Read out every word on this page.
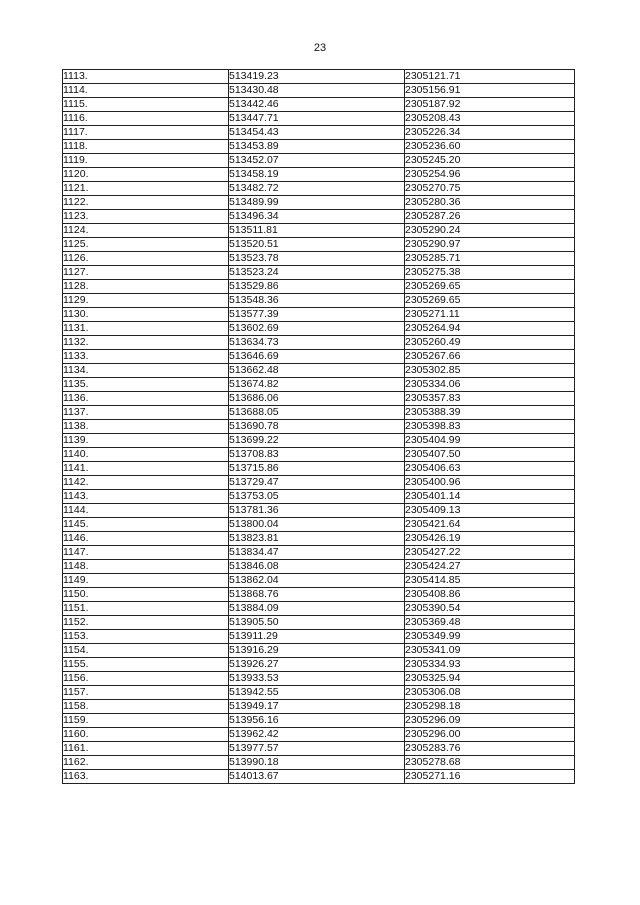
23
1113.	513419.23	2305121.71
1114.	513430.48	2305156.91
1115.	513442.46	2305187.92
1116.	513447.71	2305208.43
1117.	513454.43	2305226.34
1118.	513453.89	2305236.60
1119.	513452.07	2305245.20
1120.	513458.19	2305254.96
1121.	513482.72	2305270.75
1122.	513489.99	2305280.36
1123.	513496.34	2305287.26
1124.	513511.81	2305290.24
1125.	513520.51	2305290.97
1126.	513523.78	2305285.71
1127.	513523.24	2305275.38
1128.	513529.86	2305269.65
1129.	513548.36	2305269.65
1130.	513577.39	2305271.11
1131.	513602.69	2305264.94
1132.	513634.73	2305260.49
1133.	513646.69	2305267.66
1134.	513662.48	2305302.85
1135.	513674.82	2305334.06
1136.	513686.06	2305357.83
1137.	513688.05	2305388.39
1138.	513690.78	2305398.83
1139.	513699.22	2305404.99
1140.	513708.83	2305407.50
1141.	513715.86	2305406.63
1142.	513729.47	2305400.96
1143.	513753.05	2305401.14
1144.	513781.36	2305409.13
1145.	513800.04	2305421.64
1146.	513823.81	2305426.19
1147.	513834.47	2305427.22
1148.	513846.08	2305424.27
1149.	513862.04	2305414.85
1150.	513868.76	2305408.86
1151.	513884.09	2305390.54
1152.	513905.50	2305369.48
1153.	513911.29	2305349.99
1154.	513916.29	2305341.09
1155.	513926.27	2305334.93
1156.	513933.53	2305325.94
1157.	513942.55	2305306.08
1158.	513949.17	2305298.18
1159.	513956.16	2305296.09
1160.	513962.42	2305296.00
1161.	513977.57	2305283.76
1162.	513990.18	2305278.68
1163.	514013.67	2305271.16
